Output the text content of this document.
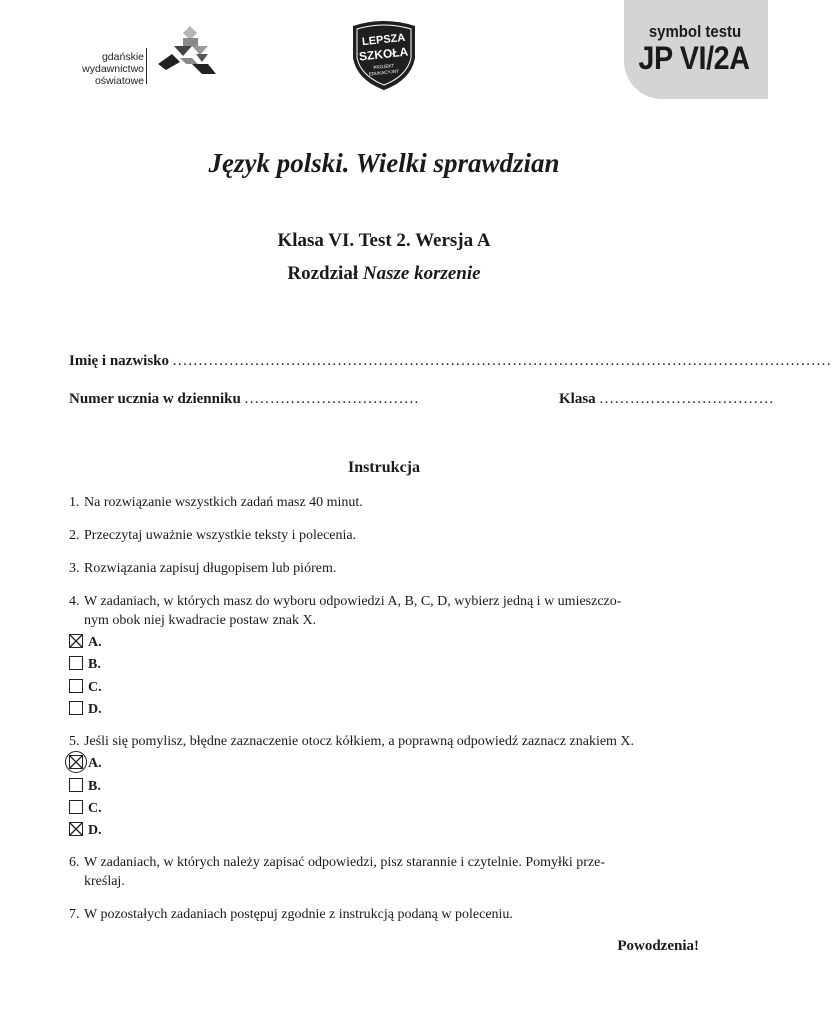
gdańskie
wydawnictwo
oświatowe
LEPSZA
SZKOŁA
PROJEKT
EDUKACYJNY
symbol testu
JP VI/2A
Język polski. Wielki sprawdzian
Klasa VI. Test 2. Wersja A
Rozdział Nasze korzenie
Imię i nazwisko ................................................................................................................................
Numer ucznia w dzienniku ..................................	Klasa ..................................
Instrukcja
1. Na rozwiązanie wszystkich zadań masz 40 minut.
2. Przeczytaj uważnie wszystkie teksty i polecenia.
3. Rozwiązania zapisuj długopisem lub piórem.
4. W zadaniach, w których masz do wyboru odpowiedzi A, B, C, D, wybierz jedną i w umieszczo-
nym obok niej kwadracie postaw znak X.
A.
B.
C.
D.
5. Jeśli się pomylisz, błędne zaznaczenie otocz kółkiem, a poprawną odpowiedź zaznacz znakiem X.
A.
B.
C.
D.
6. W zadaniach, w których należy zapisać odpowiedzi, pisz starannie i czytelnie. Pomyłki prze-
kreślaj.
7. W pozostałych zadaniach postępuj zgodnie z instrukcją podaną w poleceniu.
Powodzenia!
